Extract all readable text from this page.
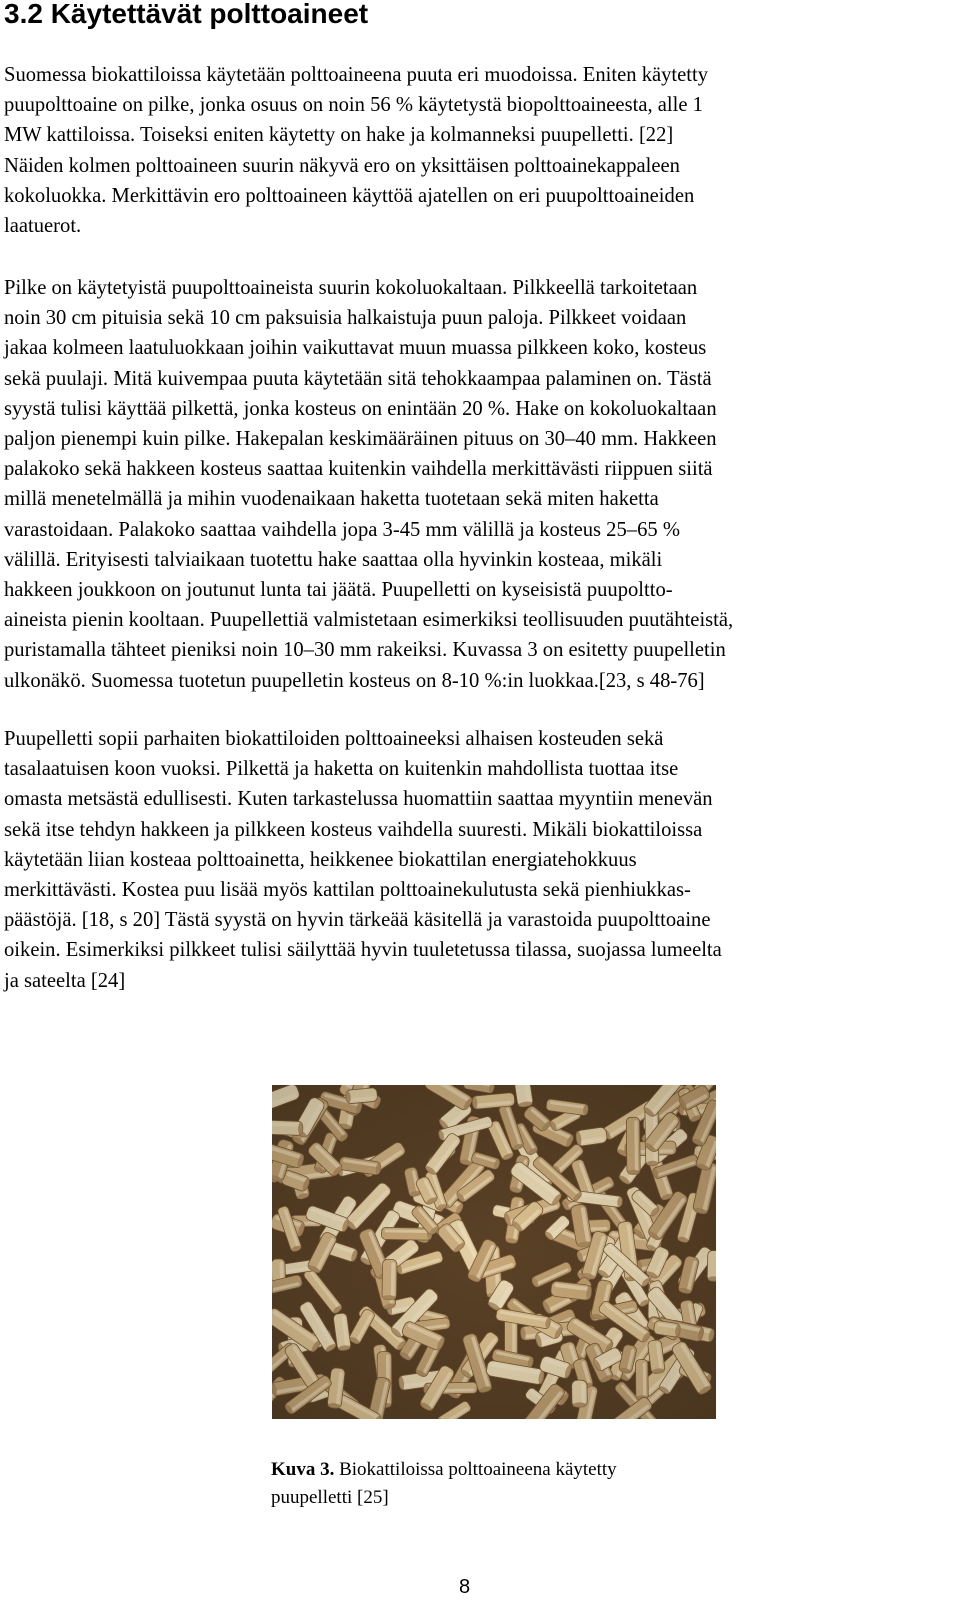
3.2 Käytettävät polttoaineet
Suomessa biokattiloissa käytetään polttoaineena puuta eri muodoissa. Eniten käytetty
puupolttoaine on pilke, jonka osuus on noin 56 % käytetystä biopolttoaineesta, alle 1
MW kattiloissa. Toiseksi eniten käytetty on hake ja kolmanneksi puupelletti. [22]
Näiden kolmen polttoaineen suurin näkyvä ero on yksittäisen polttoainekappaleen
kokoluokka. Merkittävin ero polttoaineen käyttöä ajatellen on eri puupolttoaineiden
laatuerot.
Pilke on käytetyistä puupolttoaineista suurin kokoluokaltaan. Pilkkeellä tarkoitetaan
noin 30 cm pituisia sekä 10 cm paksuisia halkaistuja puun paloja. Pilkkeet voidaan
jakaa kolmeen laatuluokkaan joihin vaikuttavat muun muassa pilkkeen koko, kosteus
sekä puulaji. Mitä kuivempaa puuta käytetään sitä tehokkaampaa palaminen on. Tästä
syystä tulisi käyttää pilkettä, jonka kosteus on enintään 20 %. Hake on kokoluokaltaan
paljon pienempi kuin pilke. Hakepalan keskimääräinen pituus on 30–40 mm. Hakkeen
palakoko sekä hakkeen kosteus saattaa kuitenkin vaihdella merkittävästi riippuen siitä
millä menetelmällä ja mihin vuodenaikaan haketta tuotetaan sekä miten haketta
varastoidaan. Palakoko saattaa vaihdella jopa 3-45 mm välillä ja kosteus 25–65 %
välillä. Erityisesti talviaikaan tuotettu hake saattaa olla hyvinkin kosteaa, mikäli
hakkeen joukkoon on joutunut lunta tai jäätä. Puupelletti on kyseisistä puupoltto-
aineista pienin kooltaan. Puupellettiä valmistetaan esimerkiksi teollisuuden puutähteistä,
puristamalla tähteet pieniksi noin 10–30 mm rakeiksi. Kuvassa 3 on esitetty puupelletin
ulkonäkö. Suomessa tuotetun puupelletin kosteus on 8-10 %:in luokkaa.[23, s 48-76]
Puupelletti sopii parhaiten biokattiloiden polttoaineeksi alhaisen kosteuden sekä
tasalaatuisen koon vuoksi. Pilkettä ja haketta on kuitenkin mahdollista tuottaa itse
omasta metsästä edullisesti. Kuten tarkastelussa huomattiin saattaa myyntiin menevän
sekä itse tehdyn hakkeen ja pilkkeen kosteus vaihdella suuresti. Mikäli biokattiloissa
käytetään liian kosteaa polttoainetta, heikkenee biokattilan energiatehokkuus
merkittävästi. Kostea puu lisää myös kattilan polttoainekulutusta sekä pienhiukkas-
päästöjä. [18, s 20] Tästä syystä on hyvin tärkeää käsitellä ja varastoida puupolttoaine
oikein. Esimerkiksi pilkkeet tulisi säilyttää hyvin tuuletetussa tilassa, suojassa lumeelta
ja sateelta [24]
Kuva 3. Biokattiloissa polttoaineena käytetty
puupelletti [25]
8
